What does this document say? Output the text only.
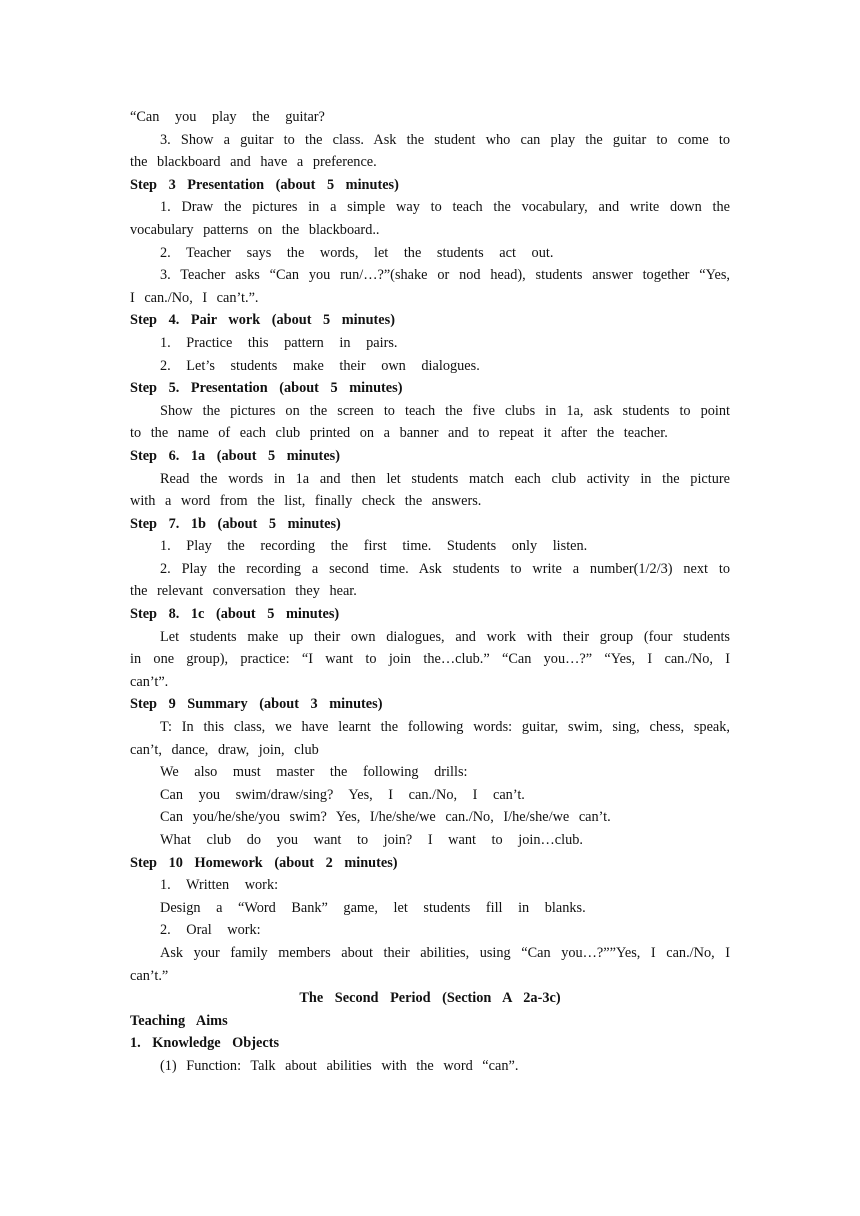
“Can you play the guitar?

3. Show a guitar to the class. Ask the student who can play the guitar to come to the blackboard and have a preference.

Step 3 Presentation (about 5 minutes)

1. Draw the pictures in a simple way to teach the vocabulary, and write down the vocabulary patterns on the blackboard..

2. Teacher says the words, let the students act out.

3. Teacher asks “Can you run/…?”(shake or nod head), students answer together “Yes, I can./No, I can’t.”.

Step 4. Pair work (about 5 minutes)

1. Practice this pattern in pairs.

2. Let’s students make their own dialogues.

Step 5. Presentation (about 5 minutes)

Show the pictures on the screen to teach the five clubs in 1a, ask students to point to the name of each club printed on a banner and to repeat it after the teacher.

Step 6. 1a (about 5 minutes)

Read the words in 1a and then let students match each club activity in the picture with a word from the list, finally check the answers.

Step 7. 1b (about 5 minutes)

1. Play the recording the first time. Students only listen.

2. Play the recording a second time. Ask students to write a number(1/2/3) next to the relevant conversation they hear.

Step 8. 1c (about 5 minutes)

Let students make up their own dialogues, and work with their group (four students in one group), practice: “I want to join the…club.” “Can you…?” “Yes, I can./No, I can’t”.

Step 9 Summary (about 3 minutes)

T: In this class, we have learnt the following words: guitar, swim, sing, chess, speak, can’t, dance, draw, join, club

We also must master the following drills:

Can you swim/draw/sing? Yes, I can./No, I can’t.

Can you/he/she/you swim? Yes, I/he/she/we can./No, I/he/she/we can’t.

What club do you want to join? I want to join…club.

Step 10 Homework (about 2 minutes)

1. Written work:

Design a “Word Bank” game, let students fill in blanks.

2. Oral work:

Ask your family members about their abilities, using “Can you…?””Yes, I can./No, I can’t.”

The Second Period (Section A 2a-3c)

Teaching Aims

1. Knowledge Objects

(1) Function: Talk about abilities with the word “can”.
